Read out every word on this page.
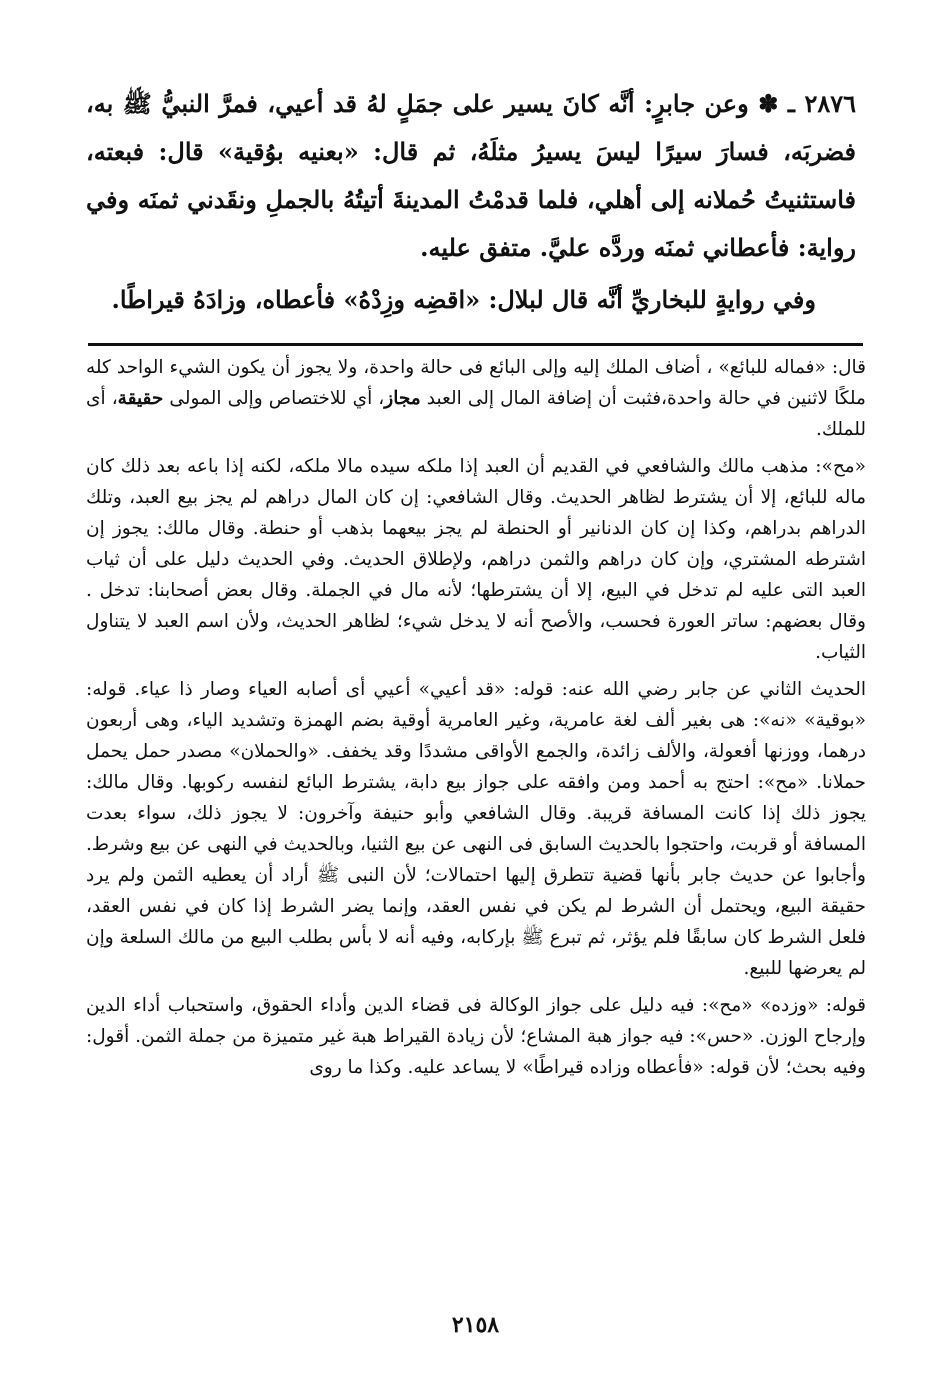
٢٨٧٦ ـ ✽ وعن جابرٍ: أنَّه كانَ يسير على جمَلٍ لهُ قد أعيي، فمرَّ النبيُّ ﷺ به، فضربَه، فسارَ سيرًا ليسَ يسيرُ مثلَهُ، ثم قال: «بعنيه بوُقية» قال: فبعته، فاستثنيتُ حُملانه إلى أهلي، فلما قدمْتُ المدينةَ أتيتُهُ بالجملِ ونقَدني ثمنَه وفي رواية: فأعطاني ثمنَه وردَّه عليَّ. متفق عليه.

وفي روايةٍ للبخاريِّ أنَّه قال لبلال: «اقضِه وزِدْهُ» فأعطاه، وزادَهُ قيراطًا.

قال: «فماله للبائع» ، أضاف الملك إليه وإلى البائع فى حالة واحدة، ولا يجوز أن يكون الشيء الواحد كله ملكًا لاثنين في حالة واحدة،فثبت أن إضافة المال إلى العبد مجاز، أي للاختصاص وإلى المولى حقيقة، أى للملك.

«مح»: مذهب مالك والشافعي في القديم أن العبد إذا ملكه سيده مالا ملكه، لكنه إذا باعه بعد ذلك كان ماله للبائع، إلا أن يشترط لظاهر الحديث. وقال الشافعي: إن كان المال دراهم لم يجز بيع العبد، وتلك الدراهم بدراهم، وكذا إن كان الدنانير أو الحنطة لم يجز بيعهما بذهب أو حنطة. وقال مالك: يجوز إن اشترطه المشتري، وإن كان دراهم والثمن دراهم، ولإطلاق الحديث. وفي الحديث دليل على أن ثياب العبد التى عليه لم تدخل في البيع، إلا أن يشترطها؛ لأنه مال في الجملة. وقال بعض أصحابنا: تدخل . وقال بعضهم: ساتر العورة فحسب، والأصح أنه لا يدخل شيء؛ لظاهر الحديث، ولأن اسم العبد لا يتناول الثياب.

الحديث الثاني عن جابر رضي الله عنه: قوله: «قد أعيي» أعيي أى أصابه العياء وصار ذا عياء. قوله: «بوقية» «نه»: هى بغير ألف لغة عامرية، وغير العامرية أوقية بضم الهمزة وتشديد الياء، وهى أربعون درهما، ووزنها أفعولة، والألف زائدة، والجمع الأواقى مشددًا وقد يخفف. «والحملان» مصدر حمل يحمل حملانا. «مح»: احتج به أحمد ومن وافقه على جواز بيع دابة، يشترط البائع لنفسه ركوبها. وقال مالك: يجوز ذلك إذا كانت المسافة قريبة. وقال الشافعي وأبو حنيفة وآخرون: لا يجوز ذلك، سواء بعدت المسافة أو قربت، واحتجوا بالحديث السابق فى النهى عن بيع الثنيا، وبالحديث في النهى عن بيع وشرط. وأجابوا عن حديث جابر بأنها قضية تتطرق إليها احتمالات؛ لأن النبى ﷺ أراد أن يعطيه الثمن ولم يرد حقيقة البيع، ويحتمل أن الشرط لم يكن في نفس العقد، وإنما يضر الشرط إذا كان في نفس العقد، فلعل الشرط كان سابقًا فلم يؤثر، ثم تبرع ﷺ بإركابه، وفيه أنه لا بأس بطلب البيع من مالك السلعة وإن لم يعرضها للبيع.

قوله: «وزده» «مح»: فيه دليل على جواز الوكالة فى قضاء الدين وأداء الحقوق، واستحباب أداء الدين وإرجاح الوزن. «حس»: فيه جواز هبة المشاع؛ لأن زيادة القيراط هبة غير متميزة من جملة الثمن. أقول: وفيه بحث؛ لأن قوله: «فأعطاه وزاده قيراطًا» لا يساعد عليه. وكذا ما روى

٢١٥٨
